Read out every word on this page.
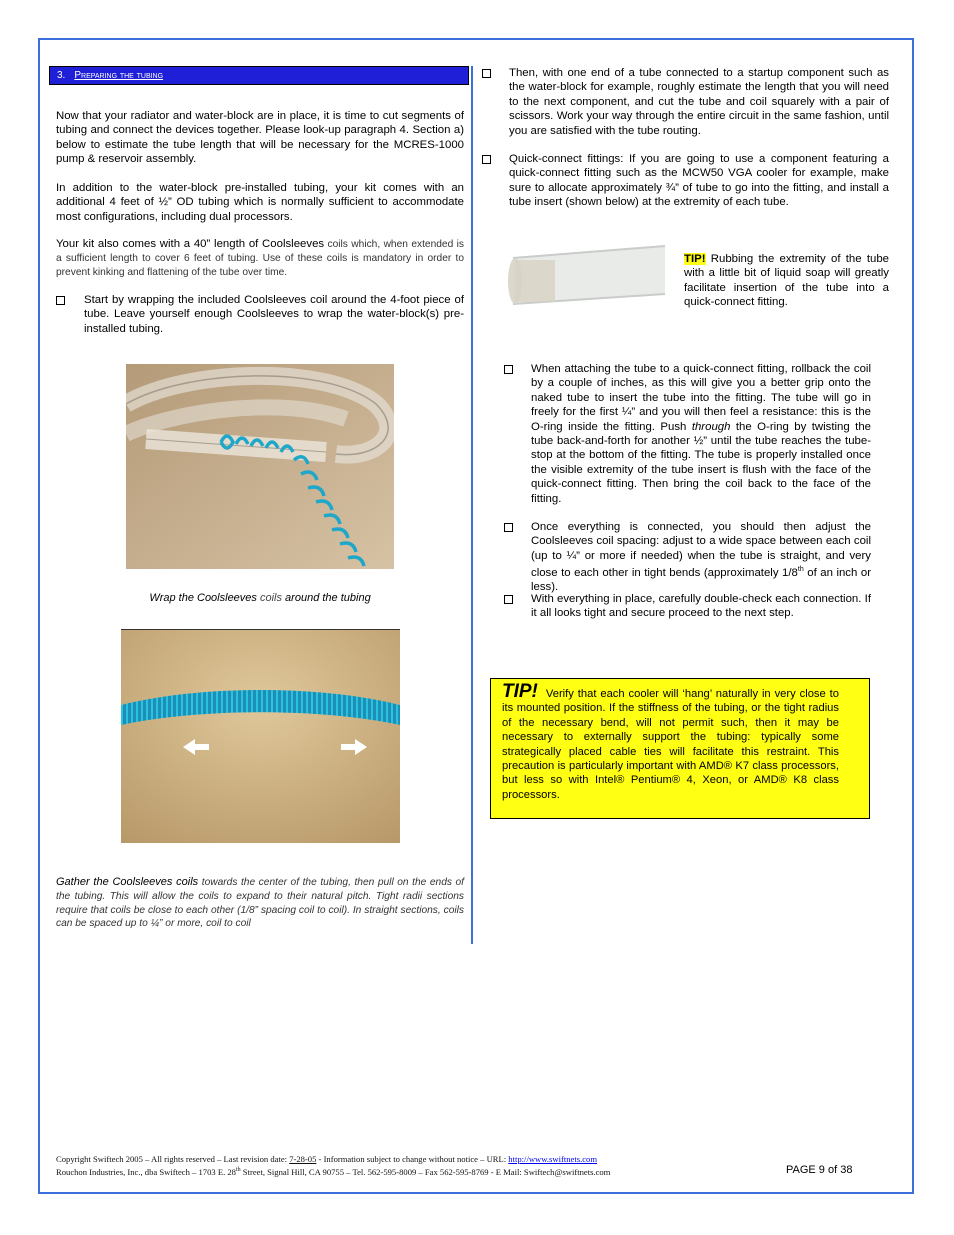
3. Preparing the tubing
Now that your radiator and water-block are in place, it is time to cut segments of tubing and connect the devices together. Please look-up paragraph 4. Section a) below to estimate the tube length that will be necessary for the MCRES-1000 pump & reservoir assembly.
In addition to the water-block pre-installed tubing, your kit comes with an additional 4 feet of ½” OD tubing which is normally sufficient to accommodate most configurations, including dual processors.
Your kit also comes with a 40” length of Coolsleeves coils which, when extended is a sufficient length to cover 6 feet of tubing. Use of these coils is mandatory in order to prevent kinking and flattening of the tube over time.
Start by wrapping the included Coolsleeves coil around the 4-foot piece of tube. Leave yourself enough Coolsleeves to wrap the water-block(s) pre-installed tubing.
Wrap the Coolsleeves coils around the tubing
Gather the Coolsleeves coils towards the center of the tubing, then pull on the ends of the tubing. This will allow the coils to expand to their natural pitch. Tight radii sections require that coils be close to each other (1/8” spacing coil to coil). In straight sections, coils can be spaced up to ¼” or more, coil to coil
Then, with one end of a tube connected to a startup component such as the water-block for example, roughly estimate the length that you will need to the next component, and cut the tube and coil squarely with a pair of scissors. Work your way through the entire circuit in the same fashion, until you are satisfied with the tube routing.
Quick-connect fittings: If you are going to use a component featuring a quick-connect fitting such as the MCW50 VGA cooler for example, make sure to allocate approximately ¾” of tube to go into the fitting, and install a tube insert (shown below) at the extremity of each tube.
TIP! Rubbing the extremity of the tube with a little bit of liquid soap will greatly facilitate insertion of the tube into a quick-connect fitting.
When attaching the tube to a quick-connect fitting, rollback the coil by a couple of inches, as this will give you a better grip onto the naked tube to insert the tube into the fitting. The tube will go in freely for the first ¼” and you will then feel a resistance: this is the O-ring inside the fitting. Push through the O-ring by twisting the tube back-and-forth for another ½” until the tube reaches the tube-stop at the bottom of the fitting. The tube is properly installed once the visible extremity of the tube insert is flush with the face of the quick-connect fitting. Then bring the coil back to the face of the fitting.
Once everything is connected, you should then adjust the Coolsleeves coil spacing: adjust to a wide space between each coil (up to ¼” or more if needed) when the tube is straight, and very close to each other in tight bends (approximately 1/8th of an inch or less).
With everything in place, carefully double-check each connection. If it all looks tight and secure proceed to the next step.
TIP! Verify that each cooler will ‘hang’ naturally in very close to its mounted position. If the stiffness of the tubing, or the tight radius of the necessary bend, will not permit such, then it may be necessary to externally support the tubing: typically some strategically placed cable ties will facilitate this restraint. This precaution is particularly important with AMD® K7 class processors, but less so with Intel® Pentium® 4, Xeon, or AMD® K8 class processors.
Copyright Swiftech 2005 – All rights reserved – Last revision date: 7-28-05 - Information subject to change without notice – URL: http://www.swiftnets.com
Rouchon Industries, Inc., dba Swiftech – 1703 E. 28th Street, Signal Hill, CA 90755 – Tel. 562-595-8009 – Fax 562-595-8769 - E Mail: Swiftech@swiftnets.com	PAGE 9 of 38
